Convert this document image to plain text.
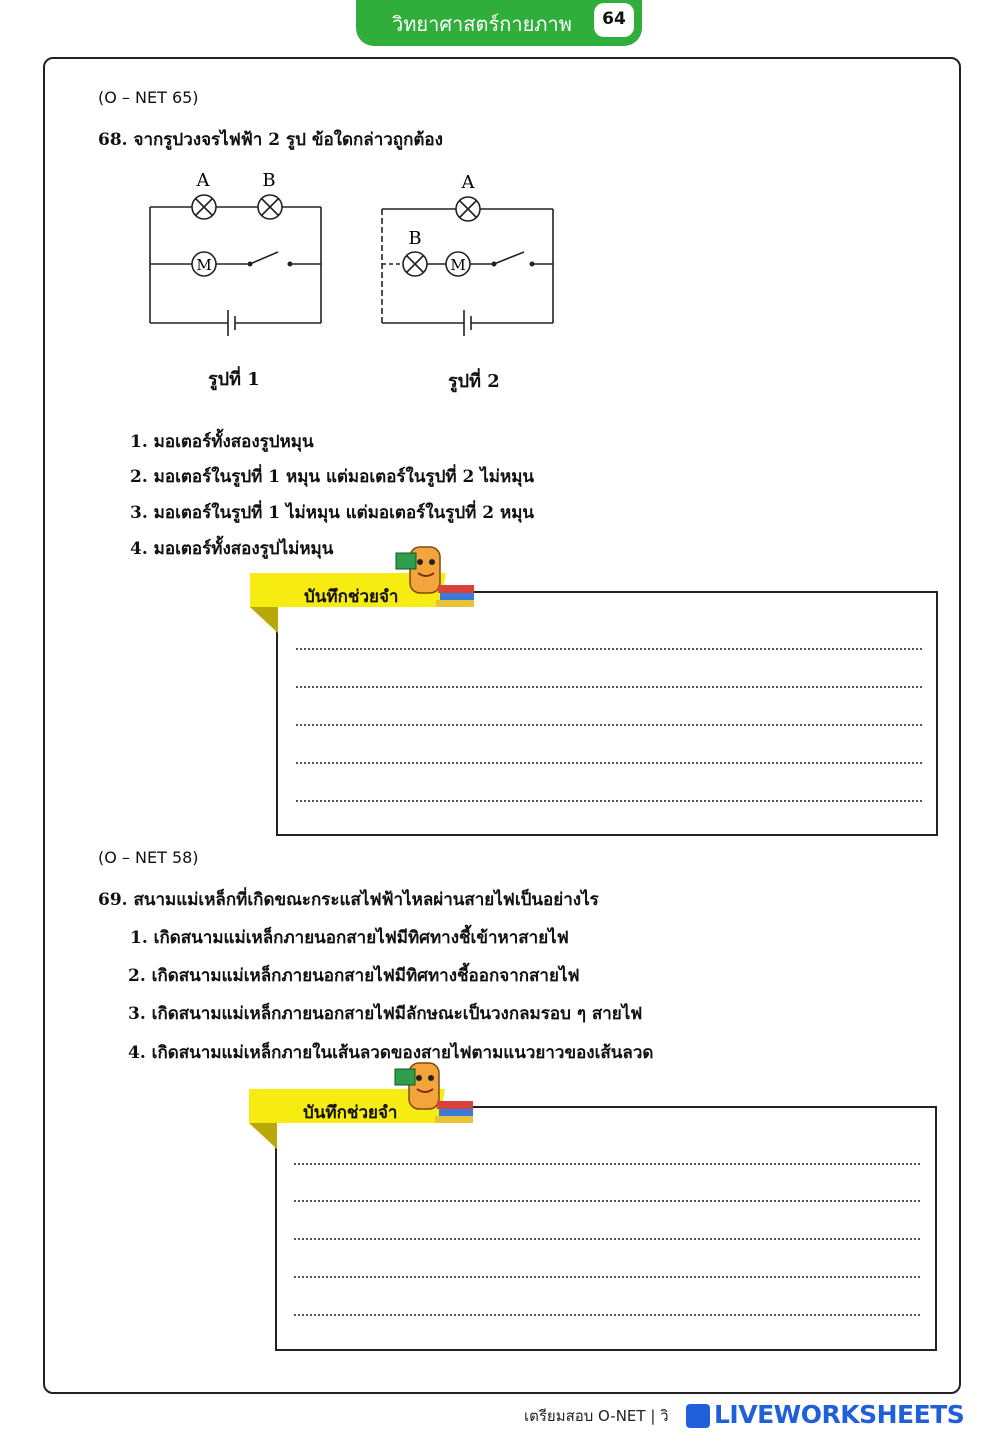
วิทยาศาสตร์กายภาพ	64
(O – NET 65)
68. จากรูปวงจรไฟฟ้า 2 รูป ข้อใดกล่าวถูกต้อง
A	B
M
รูปที่ 1
A
B
M
รูปที่ 2
1. มอเตอร์ทั้งสองรูปหมุน
2. มอเตอร์ในรูปที่ 1 หมุน แต่มอเตอร์ในรูปที่ 2 ไม่หมุน
3. มอเตอร์ในรูปที่ 1 ไม่หมุน แต่มอเตอร์ในรูปที่ 2 หมุน
4. มอเตอร์ทั้งสองรูปไม่หมุน
บันทึกช่วยจำ
(O – NET 58)
69. สนามแม่เหล็กที่เกิดขณะกระแสไฟฟ้าไหลผ่านสายไฟเป็นอย่างไร
1. เกิดสนามแม่เหล็กภายนอกสายไฟมีทิศทางชี้เข้าหาสายไฟ
2. เกิดสนามแม่เหล็กภายนอกสายไฟมีทิศทางชี้ออกจากสายไฟ
3. เกิดสนามแม่เหล็กภายนอกสายไฟมีลักษณะเป็นวงกลมรอบ ๆ สายไฟ
4. เกิดสนามแม่เหล็กภายในเส้นลวดของสายไฟตามแนวยาวของเส้นลวด
บันทึกช่วยจำ
เตรียมสอบ O-NET | วิ LIVEWORKSHEETS
